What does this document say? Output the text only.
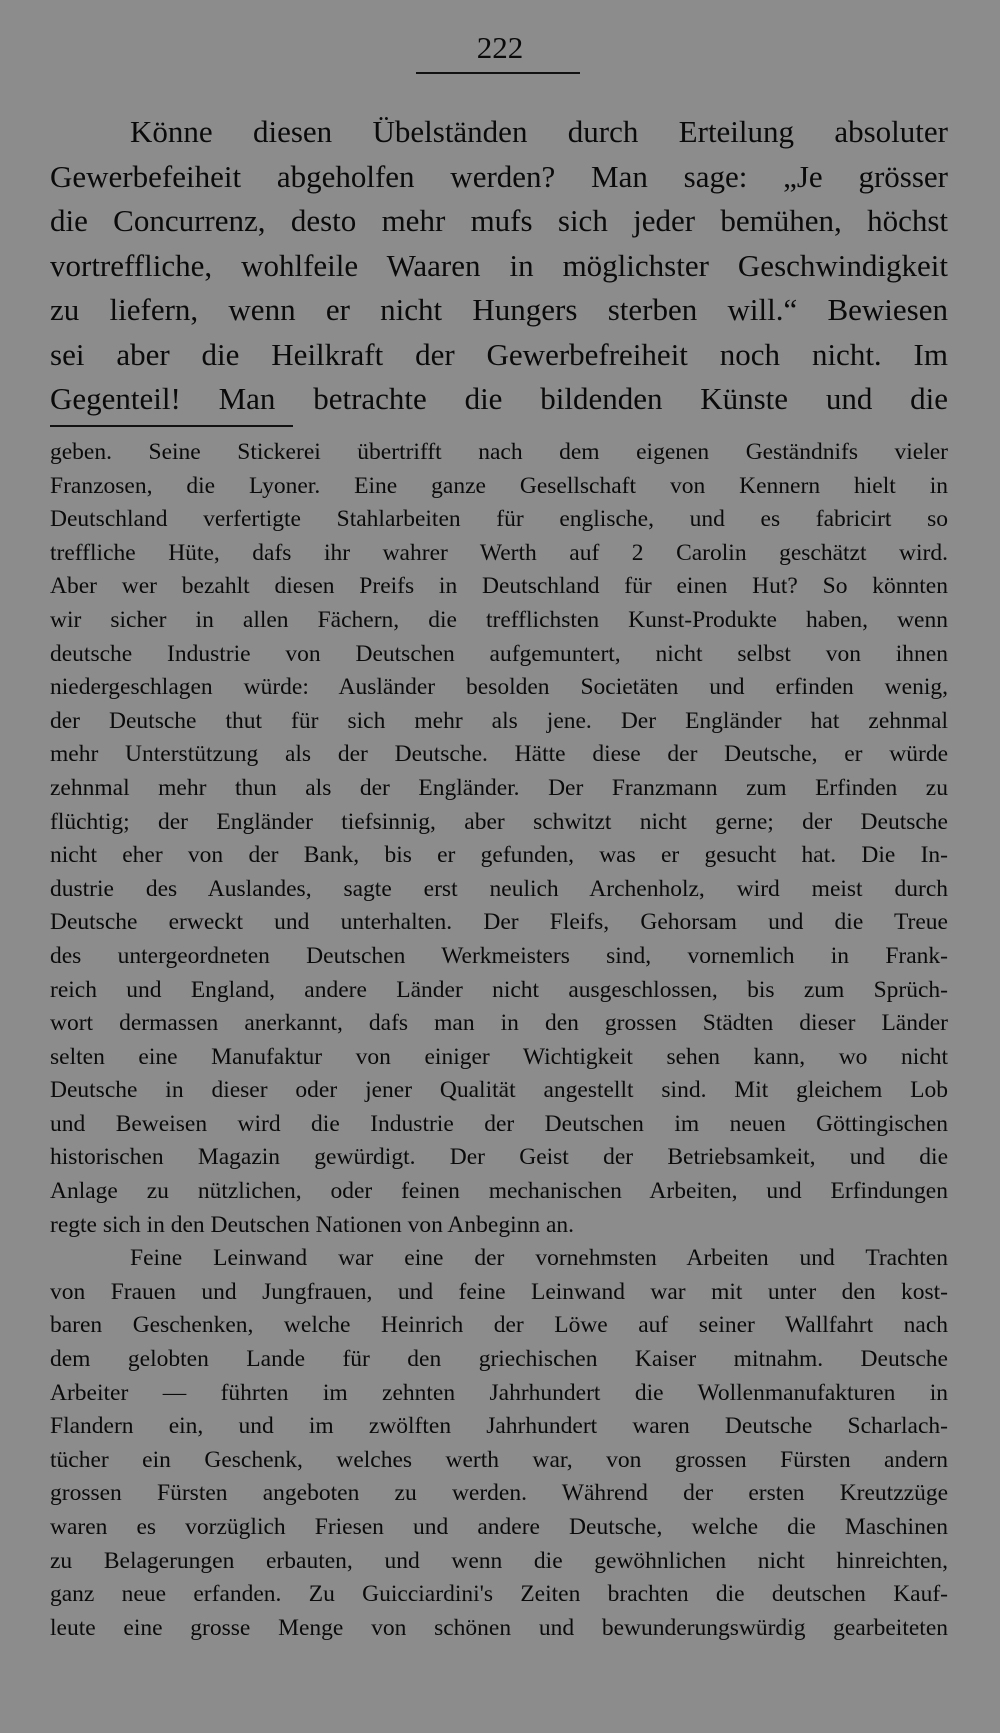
222
Könne diesen Übelständen durch Erteilung absoluter
Gewerbefeiheit abgeholfen werden? Man sage: „Je grösser
die Concurrenz, desto mehr mufs sich jeder bemühen, höchst
vortreffliche, wohlfeile Waaren in möglichster Geschwindigkeit
zu liefern, wenn er nicht Hungers sterben will.“ Bewiesen
sei aber die Heilkraft der Gewerbefreiheit noch nicht. Im
Gegenteil! Man betrachte die bildenden Künste und die
geben. Seine Stickerei übertrifft nach dem eigenen Geständnifs vieler
Franzosen, die Lyoner. Eine ganze Gesellschaft von Kennern hielt in
Deutschland verfertigte Stahlarbeiten für englische, und es fabricirt so
treffliche Hüte, dafs ihr wahrer Werth auf 2 Carolin geschätzt wird.
Aber wer bezahlt diesen Preifs in Deutschland für einen Hut? So könnten
wir sicher in allen Fächern, die trefflichsten Kunst-Produkte haben, wenn
deutsche Industrie von Deutschen aufgemuntert, nicht selbst von ihnen
niedergeschlagen würde: Ausländer besolden Societäten und erfinden wenig,
der Deutsche thut für sich mehr als jene. Der Engländer hat zehnmal
mehr Unterstützung als der Deutsche. Hätte diese der Deutsche, er würde
zehnmal mehr thun als der Engländer. Der Franzmann zum Erfinden zu
flüchtig; der Engländer tiefsinnig, aber schwitzt nicht gerne; der Deutsche
nicht eher von der Bank, bis er gefunden, was er gesucht hat. Die In-
dustrie des Auslandes, sagte erst neulich Archenholz, wird meist durch
Deutsche erweckt und unterhalten. Der Fleifs, Gehorsam und die Treue
des untergeordneten Deutschen Werkmeisters sind, vornemlich in Frank-
reich und England, andere Länder nicht ausgeschlossen, bis zum Sprüch-
wort dermassen anerkannt, dafs man in den grossen Städten dieser Länder
selten eine Manufaktur von einiger Wichtigkeit sehen kann, wo nicht
Deutsche in dieser oder jener Qualität angestellt sind. Mit gleichem Lob
und Beweisen wird die Industrie der Deutschen im neuen Göttingischen
historischen Magazin gewürdigt. Der Geist der Betriebsamkeit, und die
Anlage zu nützlichen, oder feinen mechanischen Arbeiten, und Erfindungen
regte sich in den Deutschen Nationen von Anbeginn an.
Feine Leinwand war eine der vornehmsten Arbeiten und Trachten
von Frauen und Jungfrauen, und feine Leinwand war mit unter den kost-
baren Geschenken, welche Heinrich der Löwe auf seiner Wallfahrt nach
dem gelobten Lande für den griechischen Kaiser mitnahm. Deutsche
Arbeiter — führten im zehnten Jahrhundert die Wollenmanufakturen in
Flandern ein, und im zwölften Jahrhundert waren Deutsche Scharlach-
tücher ein Geschenk, welches werth war, von grossen Fürsten andern
grossen Fürsten angeboten zu werden. Während der ersten Kreutzzüge
waren es vorzüglich Friesen und andere Deutsche, welche die Maschinen
zu Belagerungen erbauten, und wenn die gewöhnlichen nicht hinreichten,
ganz neue erfanden. Zu Guicciardini's Zeiten brachten die deutschen Kauf-
leute eine grosse Menge von schönen und bewunderungswürdig gearbeiteten
